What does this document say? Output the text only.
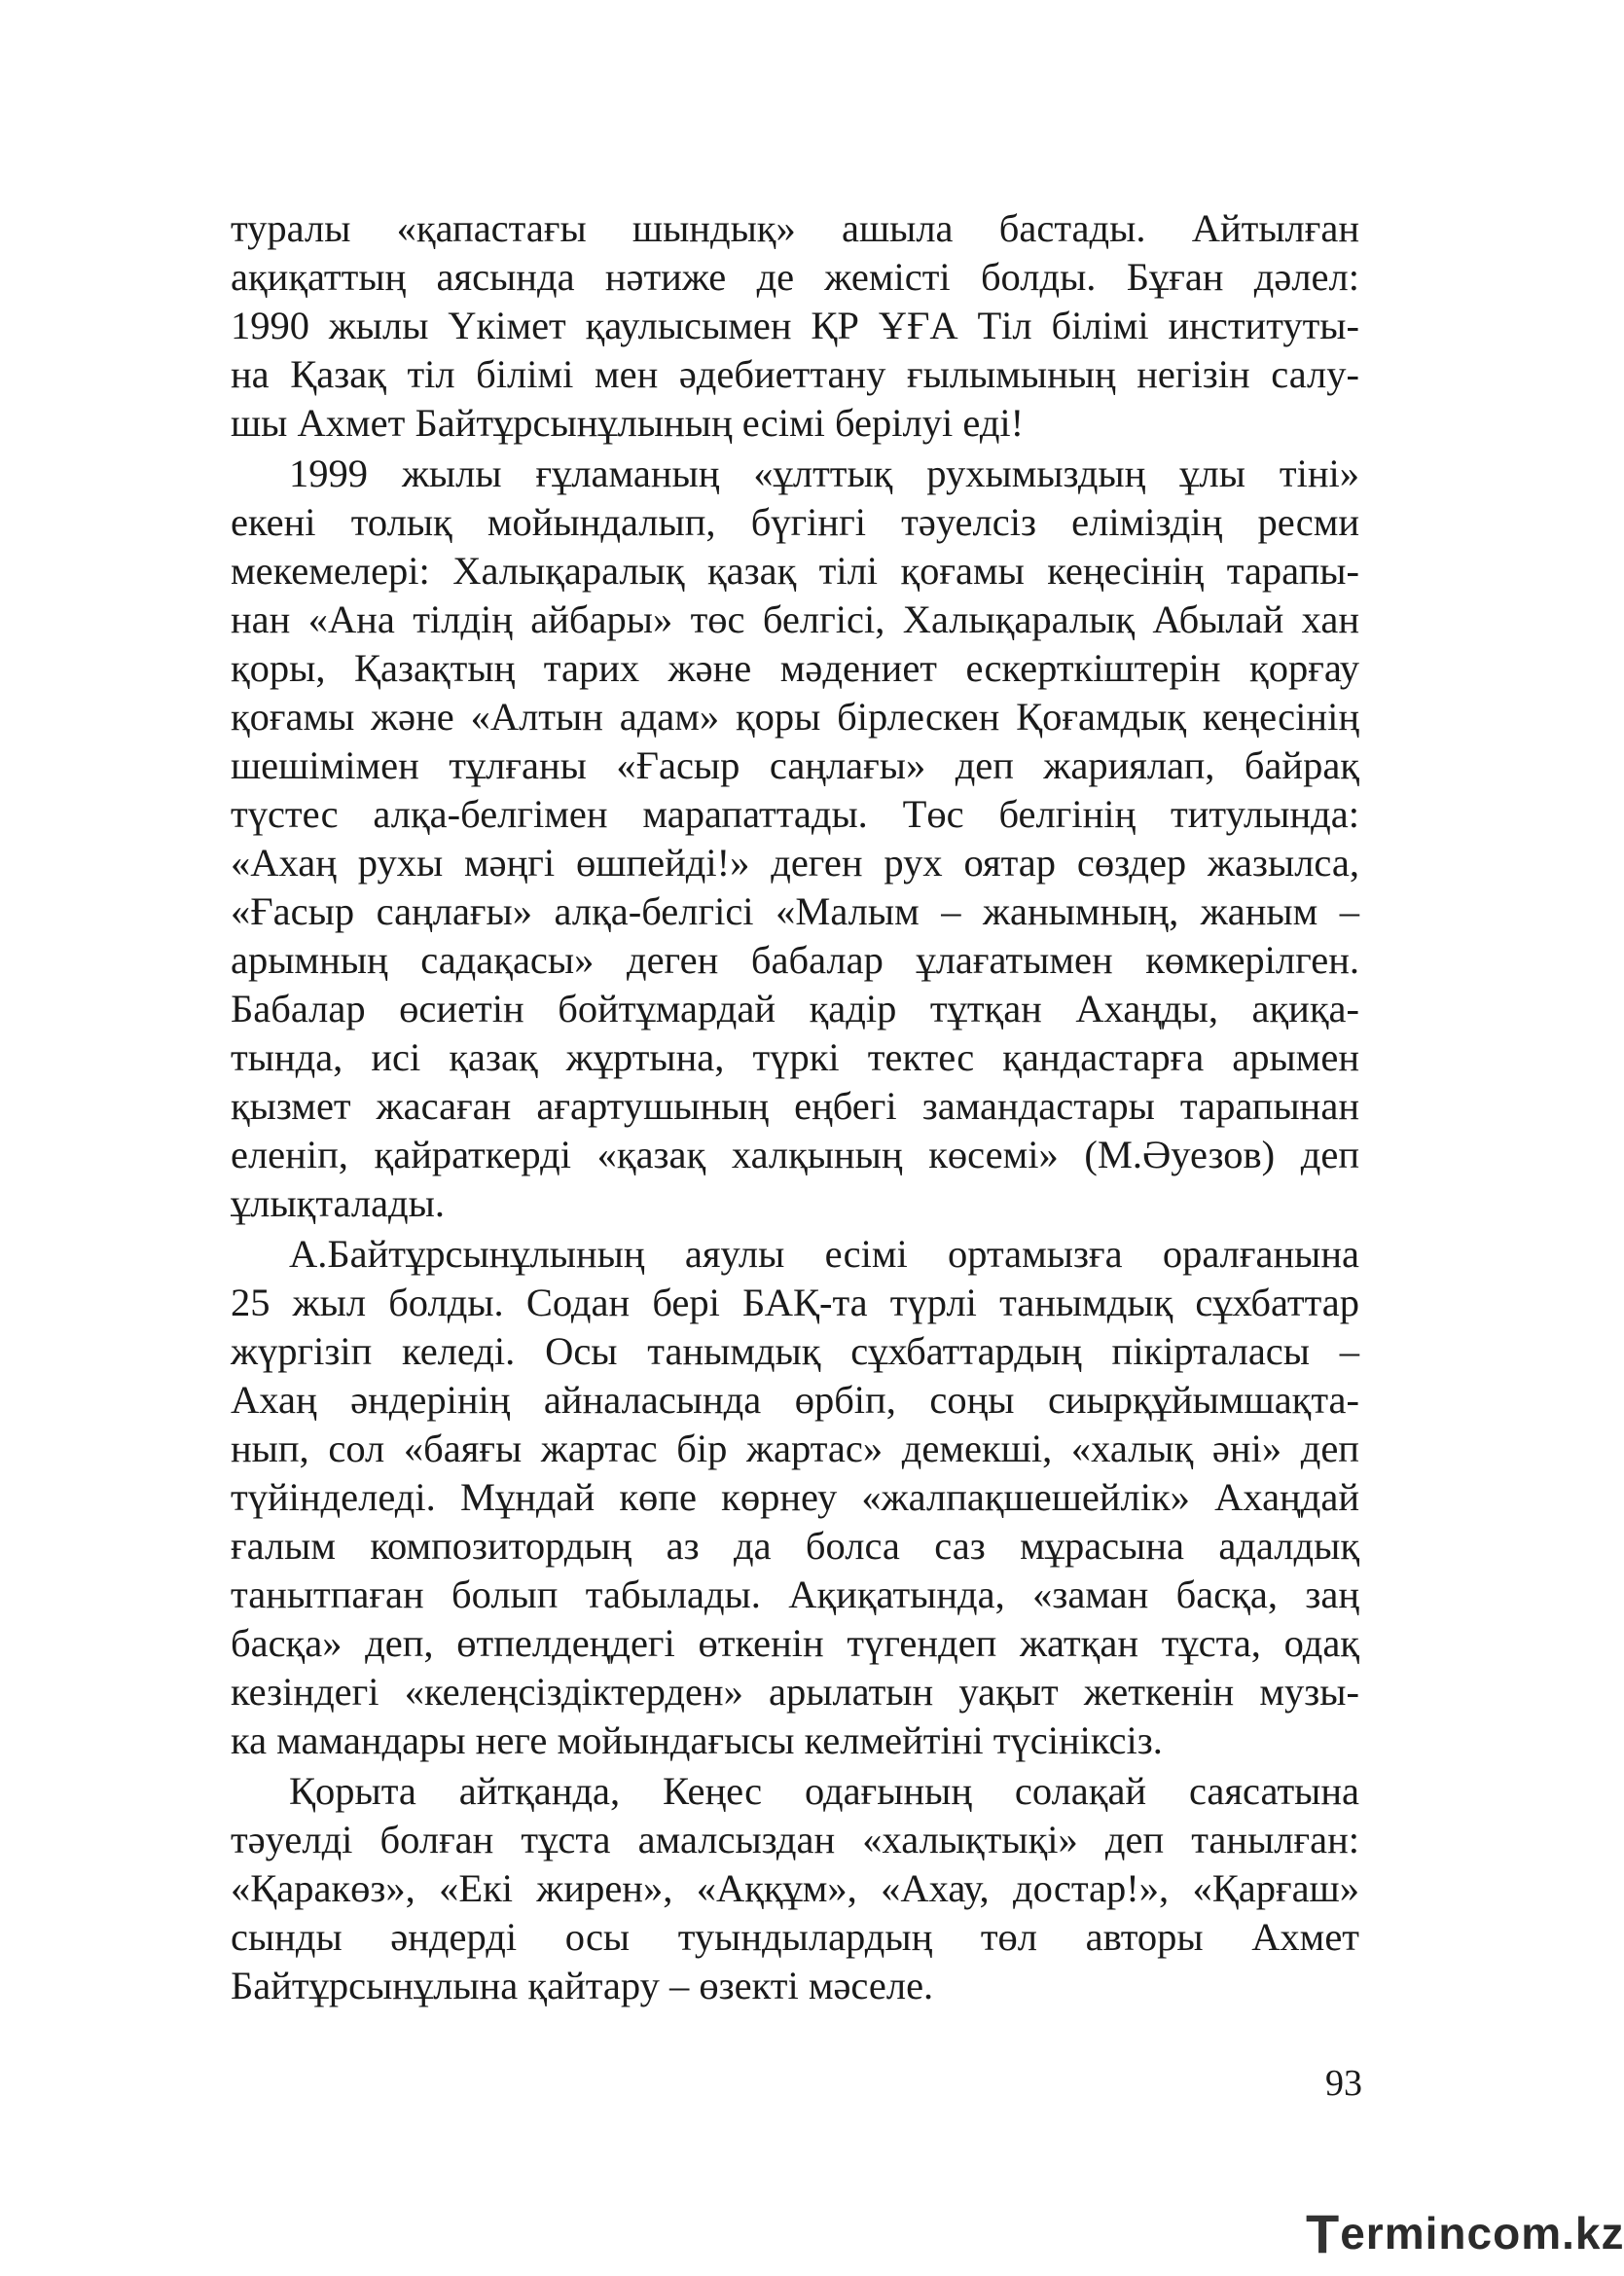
туралы «қапастағы шындық» ашыла бастады. Айтылған
ақиқаттың аясында нәтиже де жемісті болды. Бұған дәлел:
1990 жылы Үкімет қаулысымен ҚР ҰҒА Тіл білімі институты-
на Қазақ тіл білімі мен әдебиеттану ғылымының негізін салу-
шы Ахмет Байтұрсынұлының есімі берілуі еді!
1999 жылы ғұламаның «ұлттық рухымыздың ұлы тіні»
екені толық мойындалып, бүгінгі тәуелсіз еліміздің ресми
мекемелері: Халықаралық қазақ тілі қоғамы кеңесінің тарапы-
нан «Ана тілдің айбары» төс белгісі, Халықаралық Абылай хан
қоры, Қазақтың тарих және мәдениет ескерткіштерін қорғау
қоғамы және «Алтын адам» қоры бірлескен Қоғамдық кеңесінің
шешімімен тұлғаны «Ғасыр саңлағы» деп жариялап, байрақ
түстес алқа-белгімен марапаттады. Төс белгінің титулында:
«Ахаң рухы мәңгі өшпейді!» деген рух оятар сөздер жазылса,
«Ғасыр саңлағы» алқа-белгісі «Малым – жанымның, жаным –
арымның садақасы» деген бабалар ұлағатымен көмкерілген.
Бабалар өсиетін бойтұмардай қадір тұтқан Ахаңды, ақиқа-
тында, исі қазақ жұртына, түркі тектес қандастарға арымен
қызмет жасаған ағартушының еңбегі замандастары тарапынан
еленіп, қайраткерді «қазақ халқының көсемі» (М.Әуезов) деп
ұлықталады.
А.Байтұрсынұлының аяулы есімі ортамызға оралғанына
25 жыл болды. Содан бері БАҚ-та түрлі танымдық сұхбаттар
жүргізіп келеді. Осы танымдық сұхбаттардың пікірталасы –
Ахаң әндерінің айналасында өрбіп, соңы сиырқұйымшақта-
нып, сол «баяғы жартас бір жартас» демекші, «халық әні» деп
түйінделеді. Мұндай көпе көрнеу «жалпақшешейлік» Ахаңдай
ғалым композитордың аз да болса саз мұрасына адалдық
танытпаған болып табылады. Ақиқатында, «заман басқа, заң
басқа» деп, өтпелдеңдегі өткенін түгендеп жатқан тұста, одақ
кезіндегі «келеңсіздіктерден» арылатын уақыт жеткенін музы-
ка мамандары неге мойындағысы келмейтіні түсініксіз.
Қорыта айтқанда, Кеңес одағының солақай саясатына
тәуелді болған тұста амалсыздан «халықтықі» деп танылған:
«Қаракөз», «Екі жирен», «Аққұм», «Ахау, достар!», «Қарғаш»
сынды әндерді осы туындылардың төл авторы Ахмет
Байтұрсынұлына қайтару – өзекті мәселе.
93
T erminc o m.kz
